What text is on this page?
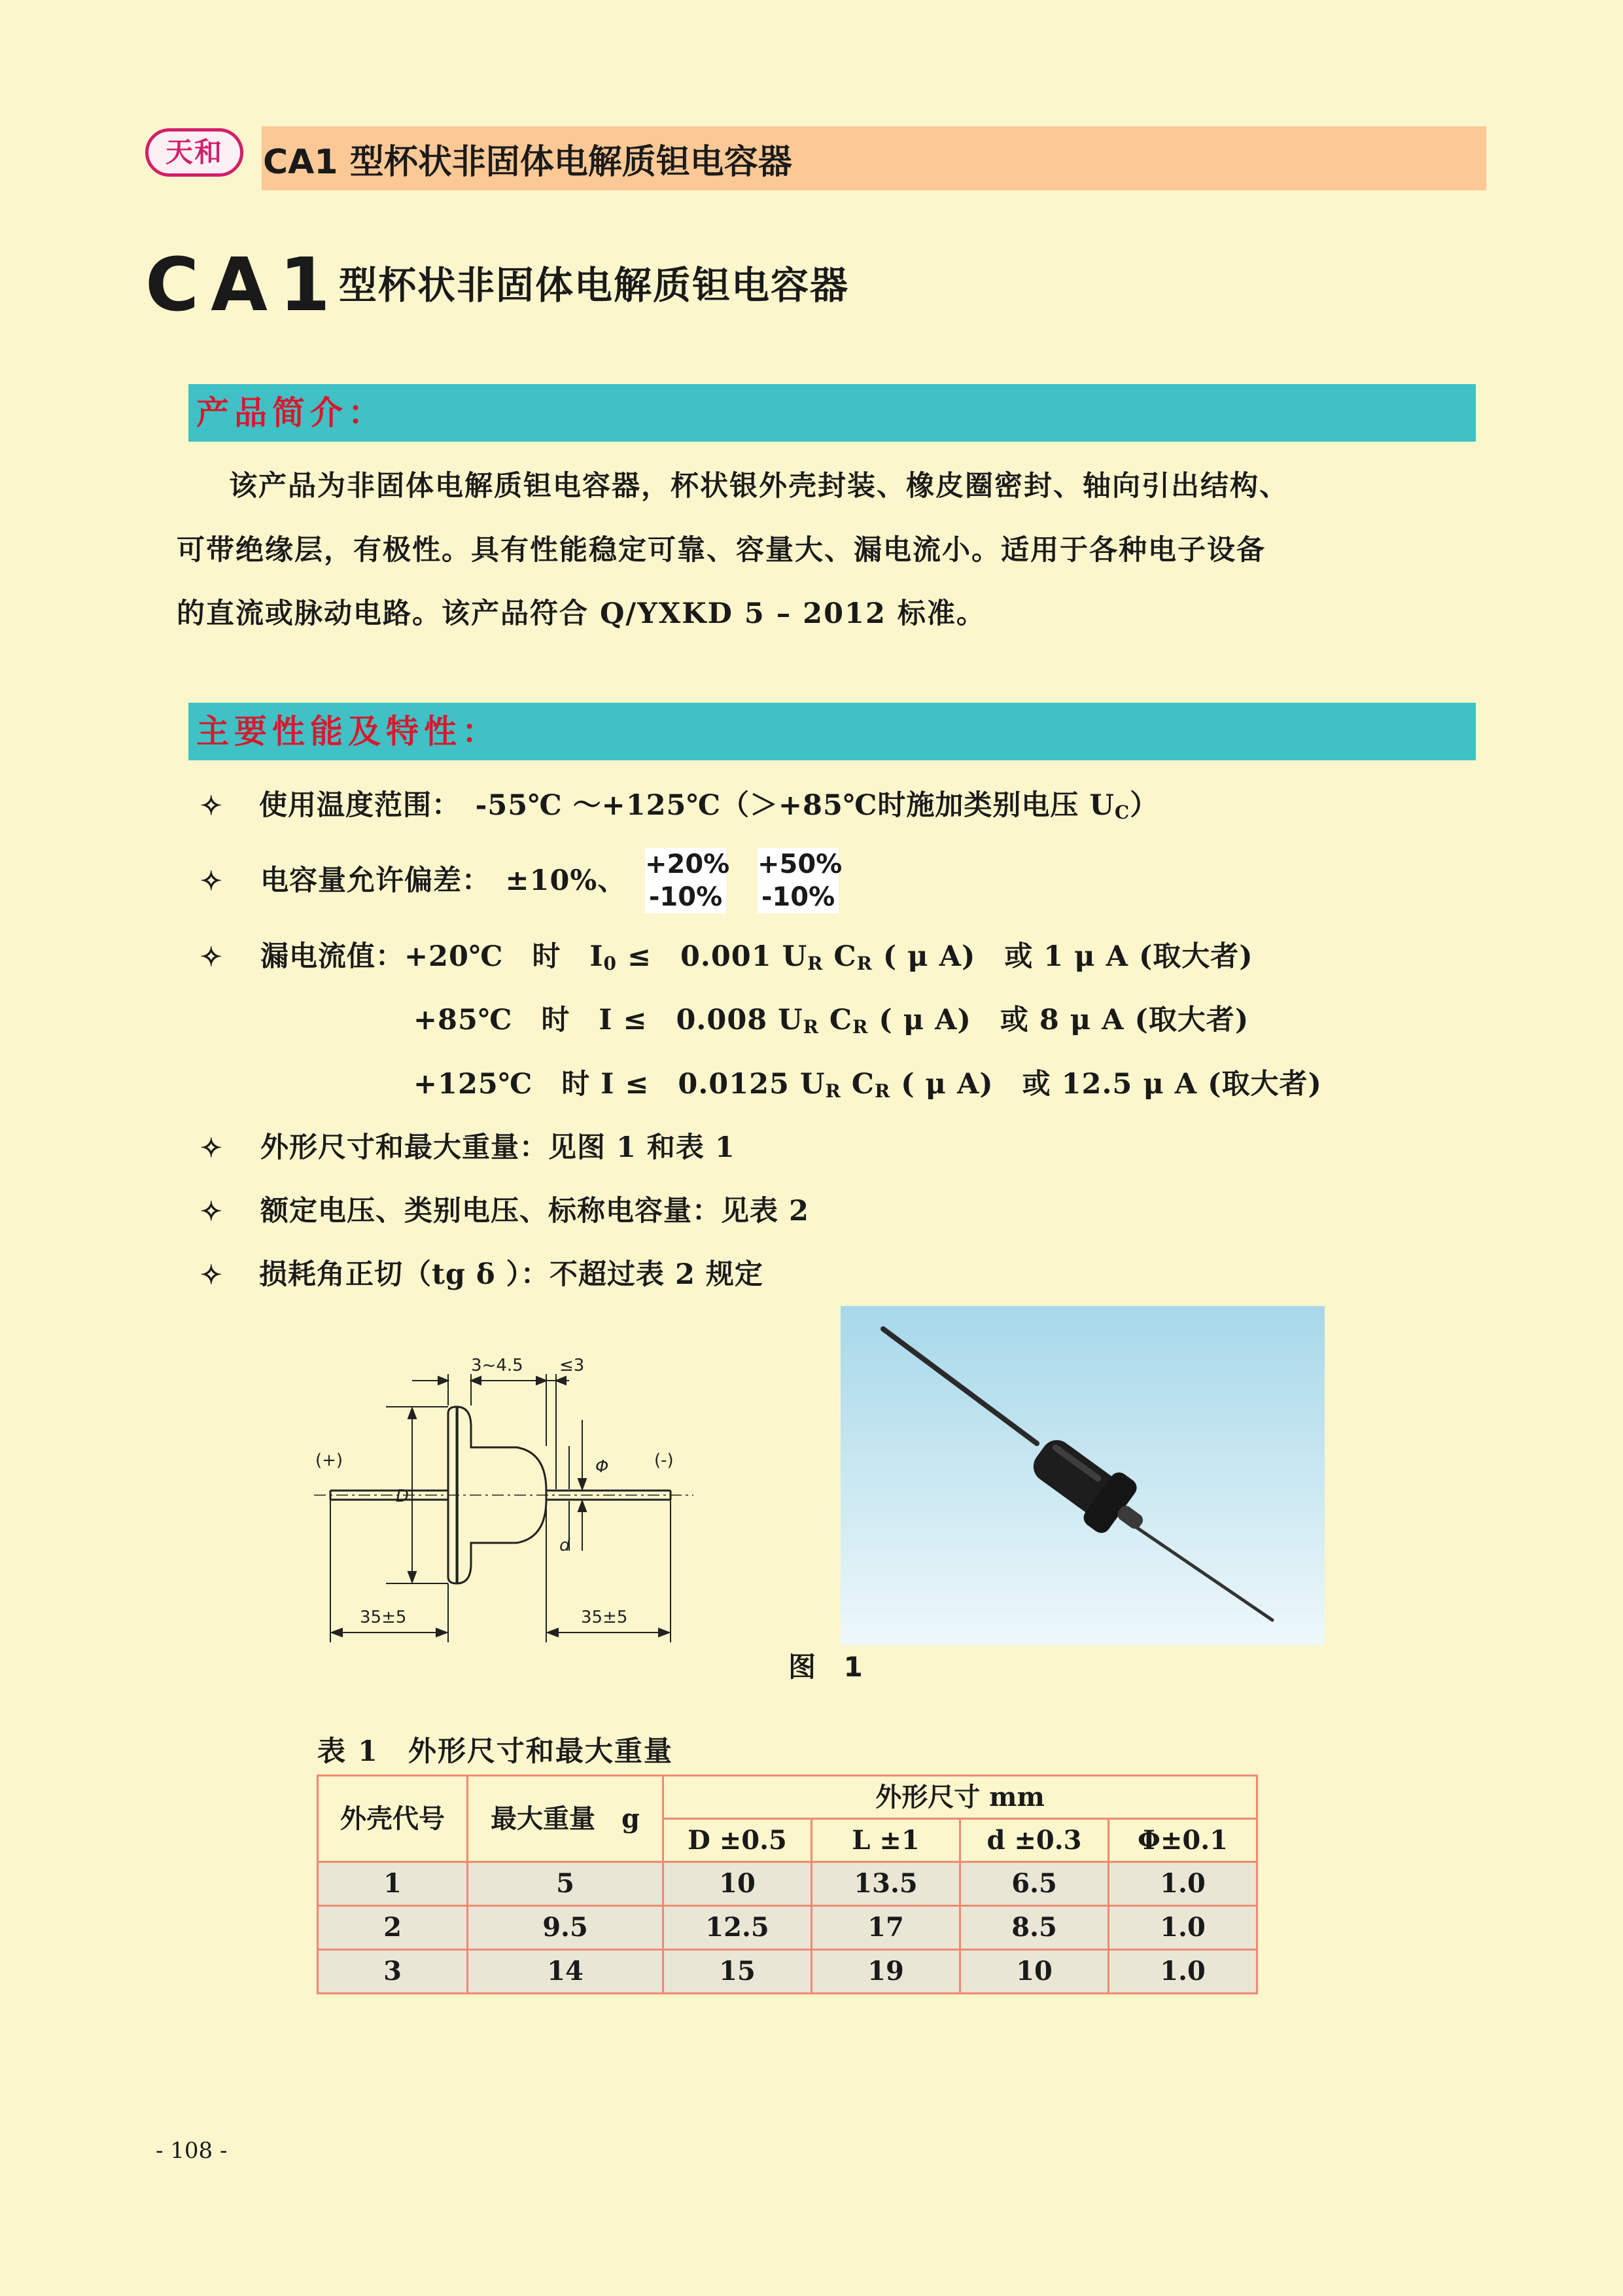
天和	CA1 型杯状非固体电解质钽电容器
CA1
型杯状非固体电解质钽电容器
产品简介：
该产品为非固体电解质钽电容器，杯状银外壳封装、橡皮圈密封、轴向引出结构、
可带绝缘层，有极性。具有性能稳定可靠、容量大、漏电流小。适用于各种电子设备
的直流或脉动电路。该产品符合 Q/YXKD 5 – 2012 标准。
主要性能及特性：
✧ 使用温度范围：　-55℃ ～+125℃（＞+85℃时施加类别电压 $U_C$）
✧ 电容量允许偏差：　±10%、 +20%
-10%
+50%
-10%
✧ 漏电流值：+20℃　时　$I_0$ ≤　0.001 $U_R$ $C_R$ ( μ A)　或 1 μ A (取大者)
+85℃　时　I ≤　0.008 $U_R$ $C_R$ ( μ A)　或 8 μ A (取大者)
+125℃　时 I ≤　0.0125 $U_R$ $C_R$ ( μ A)　或 12.5 μ A (取大者)
✧ 外形尺寸和最大重量：见图 1 和表 1
✧ 额定电压、类别电压、标称电容量：见表 2
✧ 损耗角正切（tg δ ）：不超过表 2 规定
3~4.5 ≤3
(+)	(-)
D
Φ
d
35±5	35±5
图 1
表 1　外形尺寸和最大重量
外壳代号	最大重量　g	外形尺寸 mm			
		D ±0.5	L ±1	d ±0.3	Φ±0.1
1	5	10	13.5	6.5	1.0
2	9.5	12.5	17	8.5	1.0
3	14	15	19	10	1.0
- 108 -
